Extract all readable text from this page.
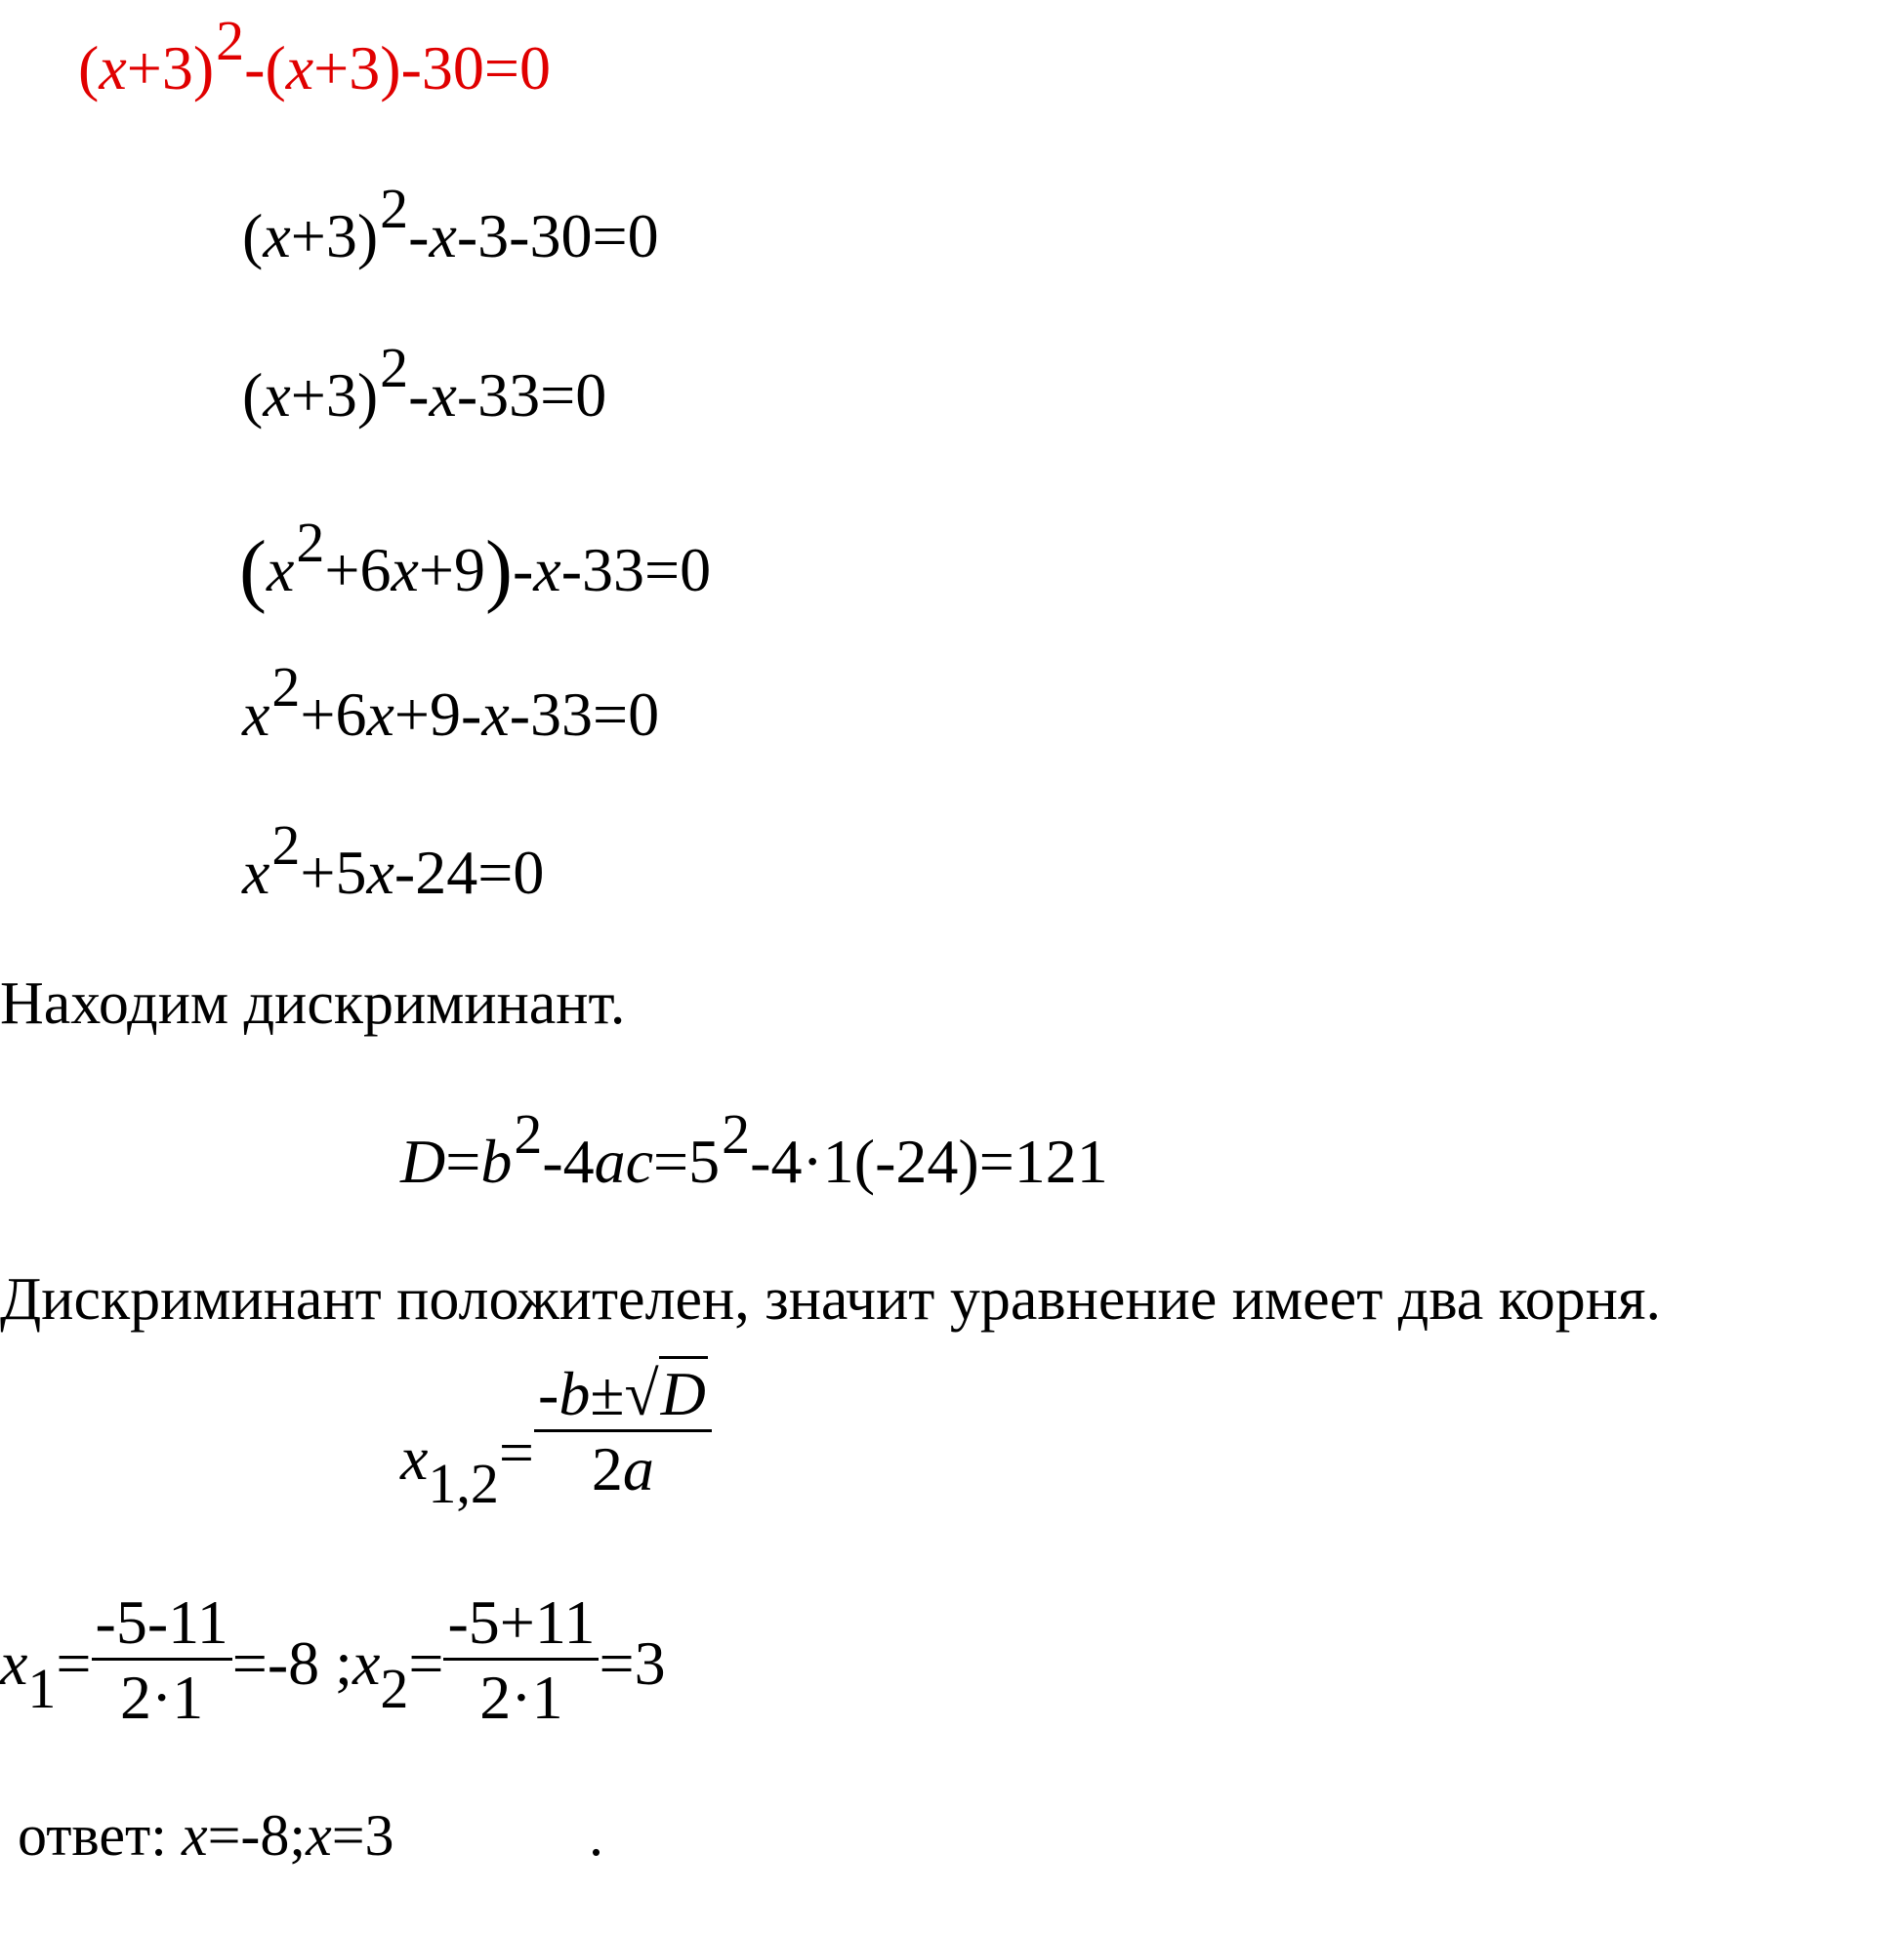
$(x+3)^2-(x+3)-30=0$
$(x+3)^2-x-3-30=0$
$(x+3)^2-x-33=0$
$(x^2+6x+9)-x-33=0$
$x^2+6x+9-x-33=0$
$x^2+5x-24=0$
Находим дискриминант.
$D=b^2-4ac=5^2-4\cdot 1(-24)=121$
Дискриминант положителен, значит уравнение имеет два корня.
$x_{1,2}= \frac{-b\pm√D}{2a}$
$x_1= \frac{-5-11}{2\cdot 1} =-8$ $;x_2= \frac{-5+11}{2\cdot 1} =3$
ответ: x=-8;x=3	.
